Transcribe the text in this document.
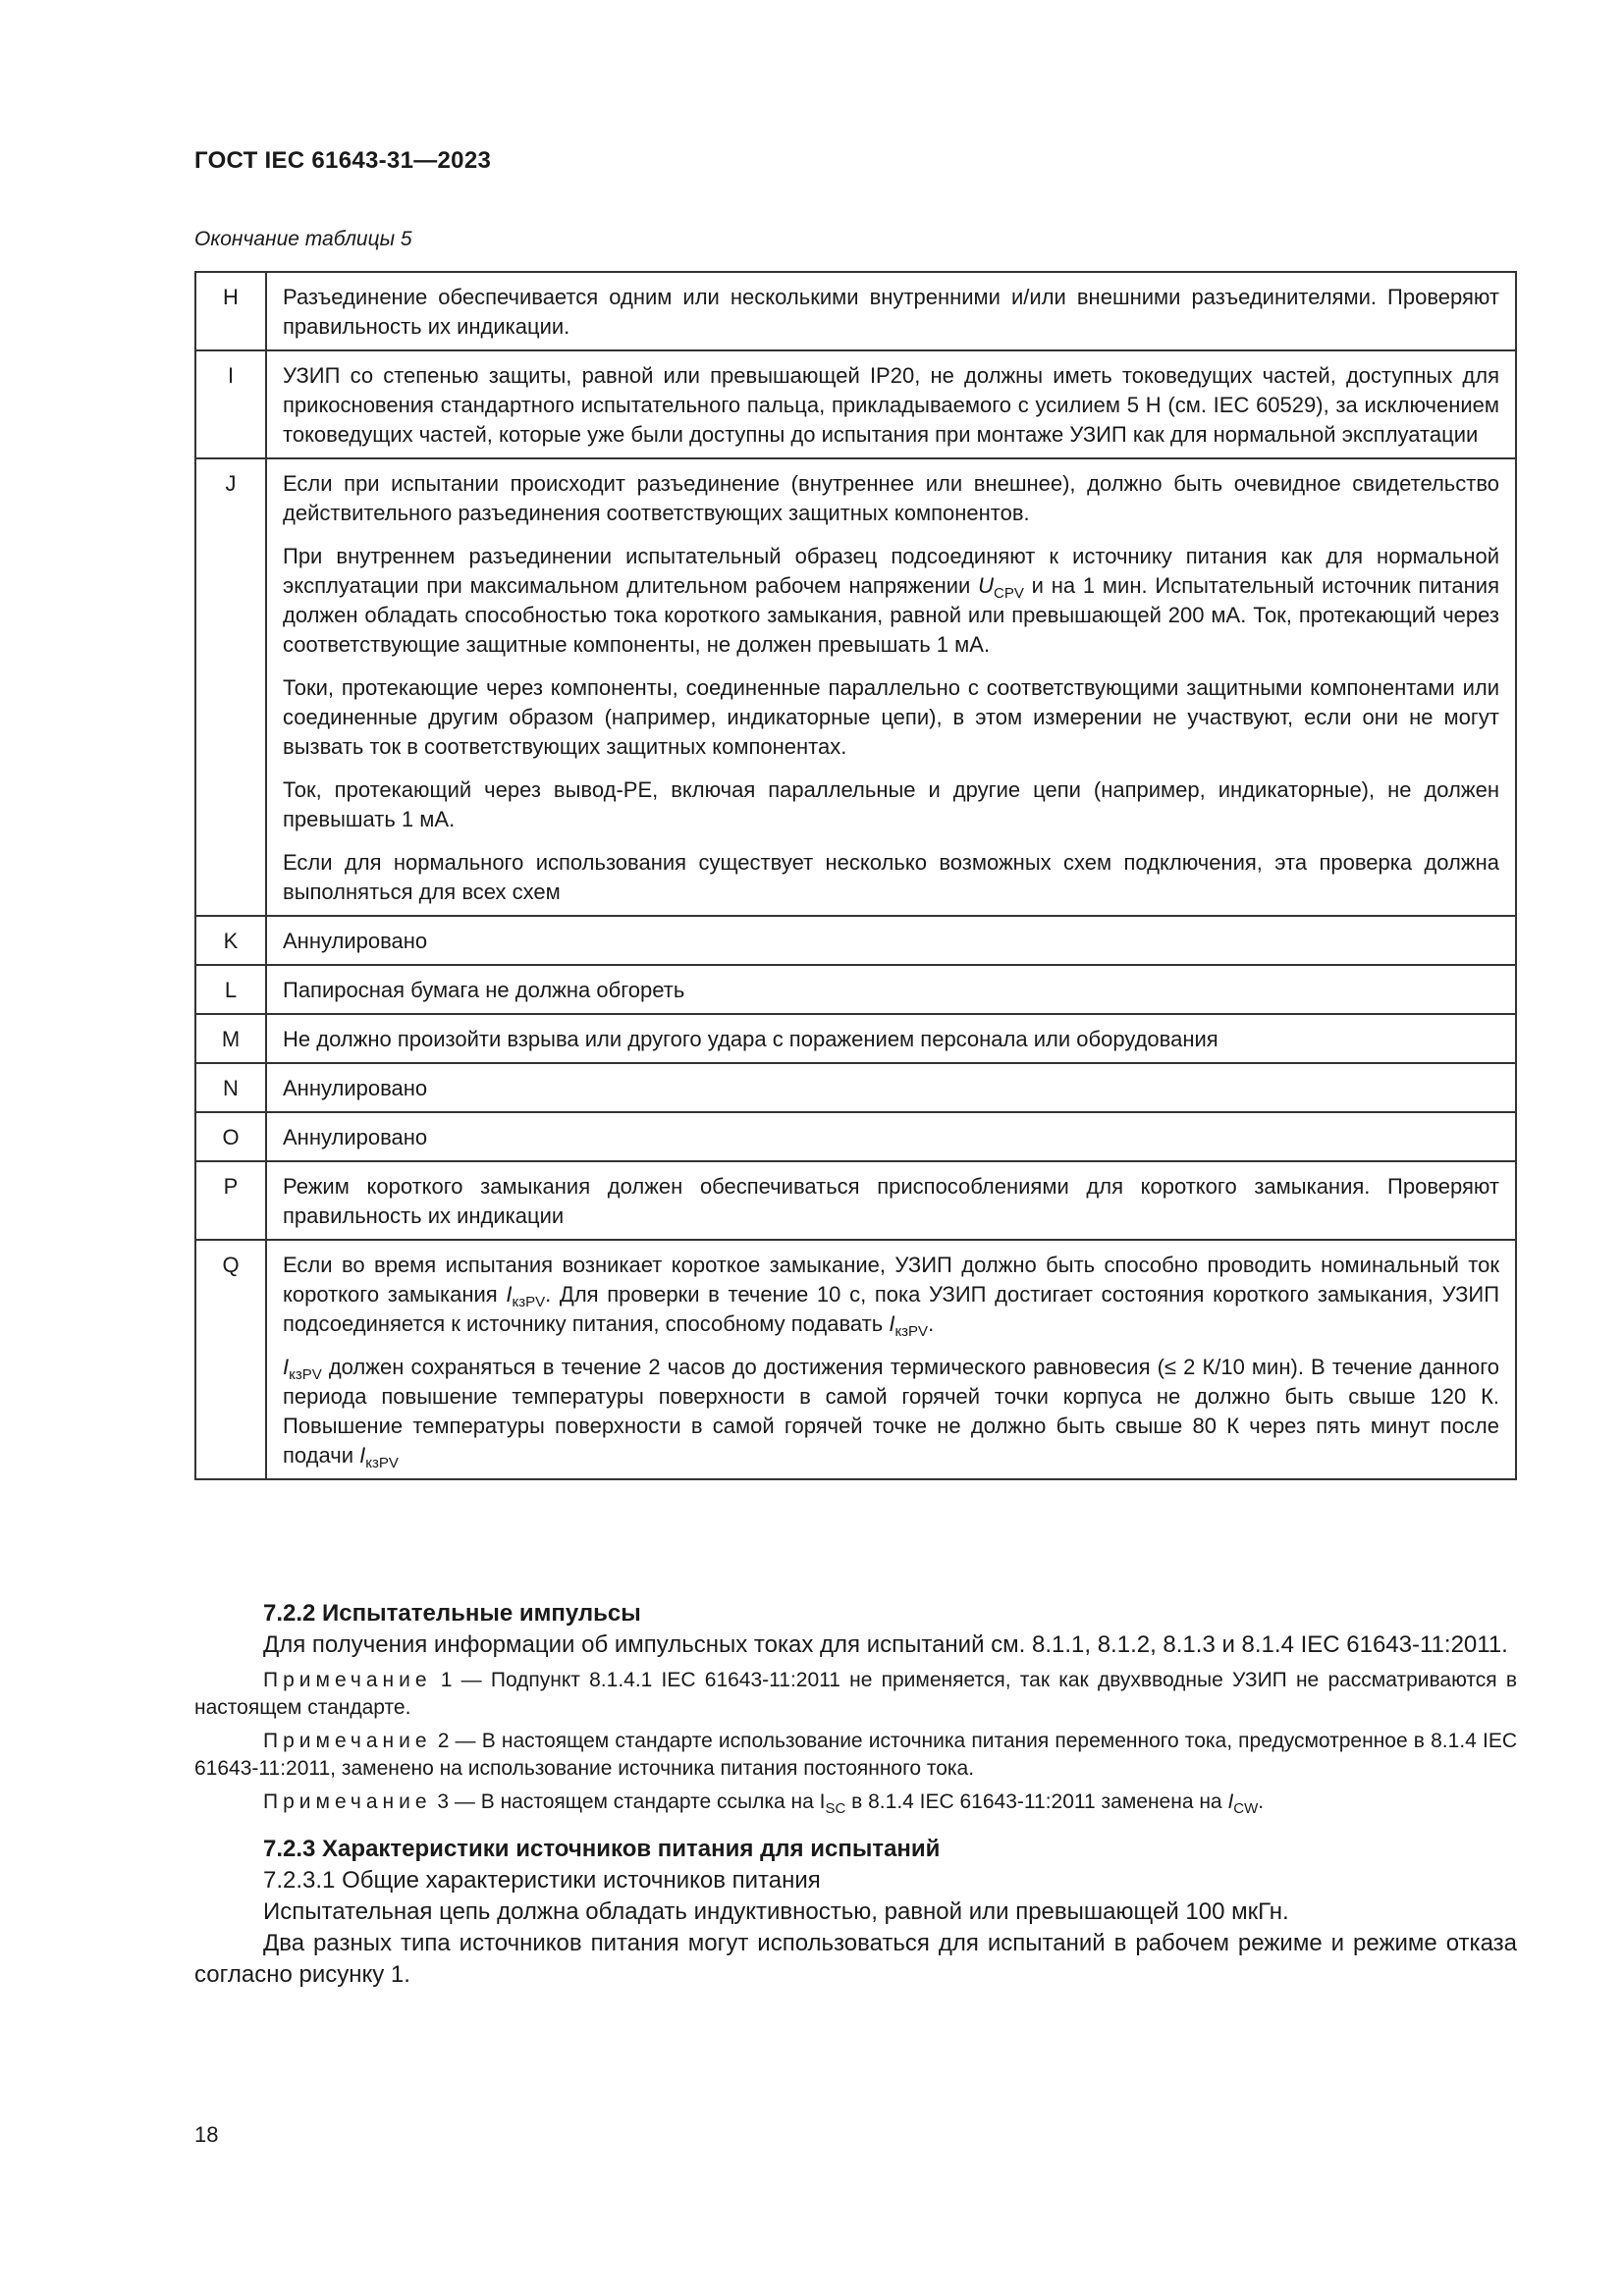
ГОСТ IEC 61643-31—2023
Окончание таблицы 5
H	Разъединение обеспечивается одним или несколькими внутренними и/или внешними разъединителями. Проверяют правильность их индикации.

I	УЗИП со степенью защиты, равной или превышающей IP20, не должны иметь токоведущих частей, доступных для прикосновения стандартного испытательного пальца, прикладываемого с усилием 5 Н (см. IEC 60529), за исключением токоведущих частей, которые уже были доступны до испытания при монтаже УЗИП как для нормальной эксплуатации

J	Если при испытании происходит разъединение (внутреннее или внешнее), должно быть очевидное свидетельство действительного разъединения соответствующих защитных компонентов.

При внутреннем разъединении испытательный образец подсоединяют к источнику питания как для нормальной эксплуатации при максимальном длительном рабочем напряжении $U_{CPV}$ и на 1 мин. Испытательный источник питания должен обладать способностью тока короткого замыкания, равной или превышающей 200 мА. Ток, протекающий через соответствующие защитные компоненты, не должен превышать 1 мА.

Токи, протекающие через компоненты, соединенные параллельно с соответствующими защитными компонентами или соединенные другим образом (например, индикаторные цепи), в этом измерении не участвуют, если они не могут вызвать ток в соответствующих защитных компонентах.

Ток, протекающий через вывод-PE, включая параллельные и другие цепи (например, индикаторные), не должен превышать 1 мА.

Если для нормального использования существует несколько возможных схем подключения, эта проверка должна выполняться для всех схем

K	Аннулировано

L	Папиросная бумага не должна обгореть

M	Не должно произойти взрыва или другого удара с поражением персонала или оборудования

N	Аннулировано

O	Аннулировано

P	Режим короткого замыкания должен обеспечиваться приспособлениями для короткого замыкания. Проверяют правильность их индикации

Q	Если во время испытания возникает короткое замыкание, УЗИП должно быть способно проводить номинальный ток короткого замыкания $I_{кзPV}$. Для проверки в течение 10 с, пока УЗИП достигает состояния короткого замыкания, УЗИП подсоединяется к источнику питания, способному подавать $I_{кзPV}$.

$I_{кзPV}$ должен сохраняться в течение 2 часов до достижения термического равновесия (≤ 2 К/10 мин). В течение данного периода повышение температуры поверхности в самой горячей точки корпуса не должно быть свыше 120 К. Повышение температуры поверхности в самой горячей точке не должно быть свыше 80 К через пять минут после подачи $I_{кзPV}$

7.2.2 Испытательные импульсы

Для получения информации об импульсных токах для испытаний см. 8.1.1, 8.1.2, 8.1.3 и 8.1.4 IEC 61643-11:2011.

Примечание 1 — Подпункт 8.1.4.1 IEC 61643-11:2011 не применяется, так как двухвводные УЗИП не рассматриваются в настоящем стандарте.

Примечание 2 — В настоящем стандарте использование источника питания переменного тока, предусмотренное в 8.1.4 IEC 61643-11:2011, заменено на использование источника питания постоянного тока.

Примечание 3 — В настоящем стандарте ссылка на $I_{SC}$ в 8.1.4 IEC 61643-11:2011 заменена на $I_{CW}$.

7.2.3 Характеристики источников питания для испытаний

7.2.3.1 Общие характеристики источников питания

Испытательная цепь должна обладать индуктивностью, равной или превышающей 100 мкГн.

Два разных типа источников питания могут использоваться для испытаний в рабочем режиме и режиме отказа согласно рисунку 1.

18
